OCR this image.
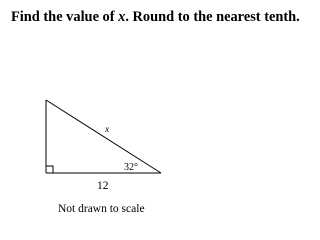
Find the value of x. Round to the nearest tenth.
x
32°
12
Not drawn to scale
